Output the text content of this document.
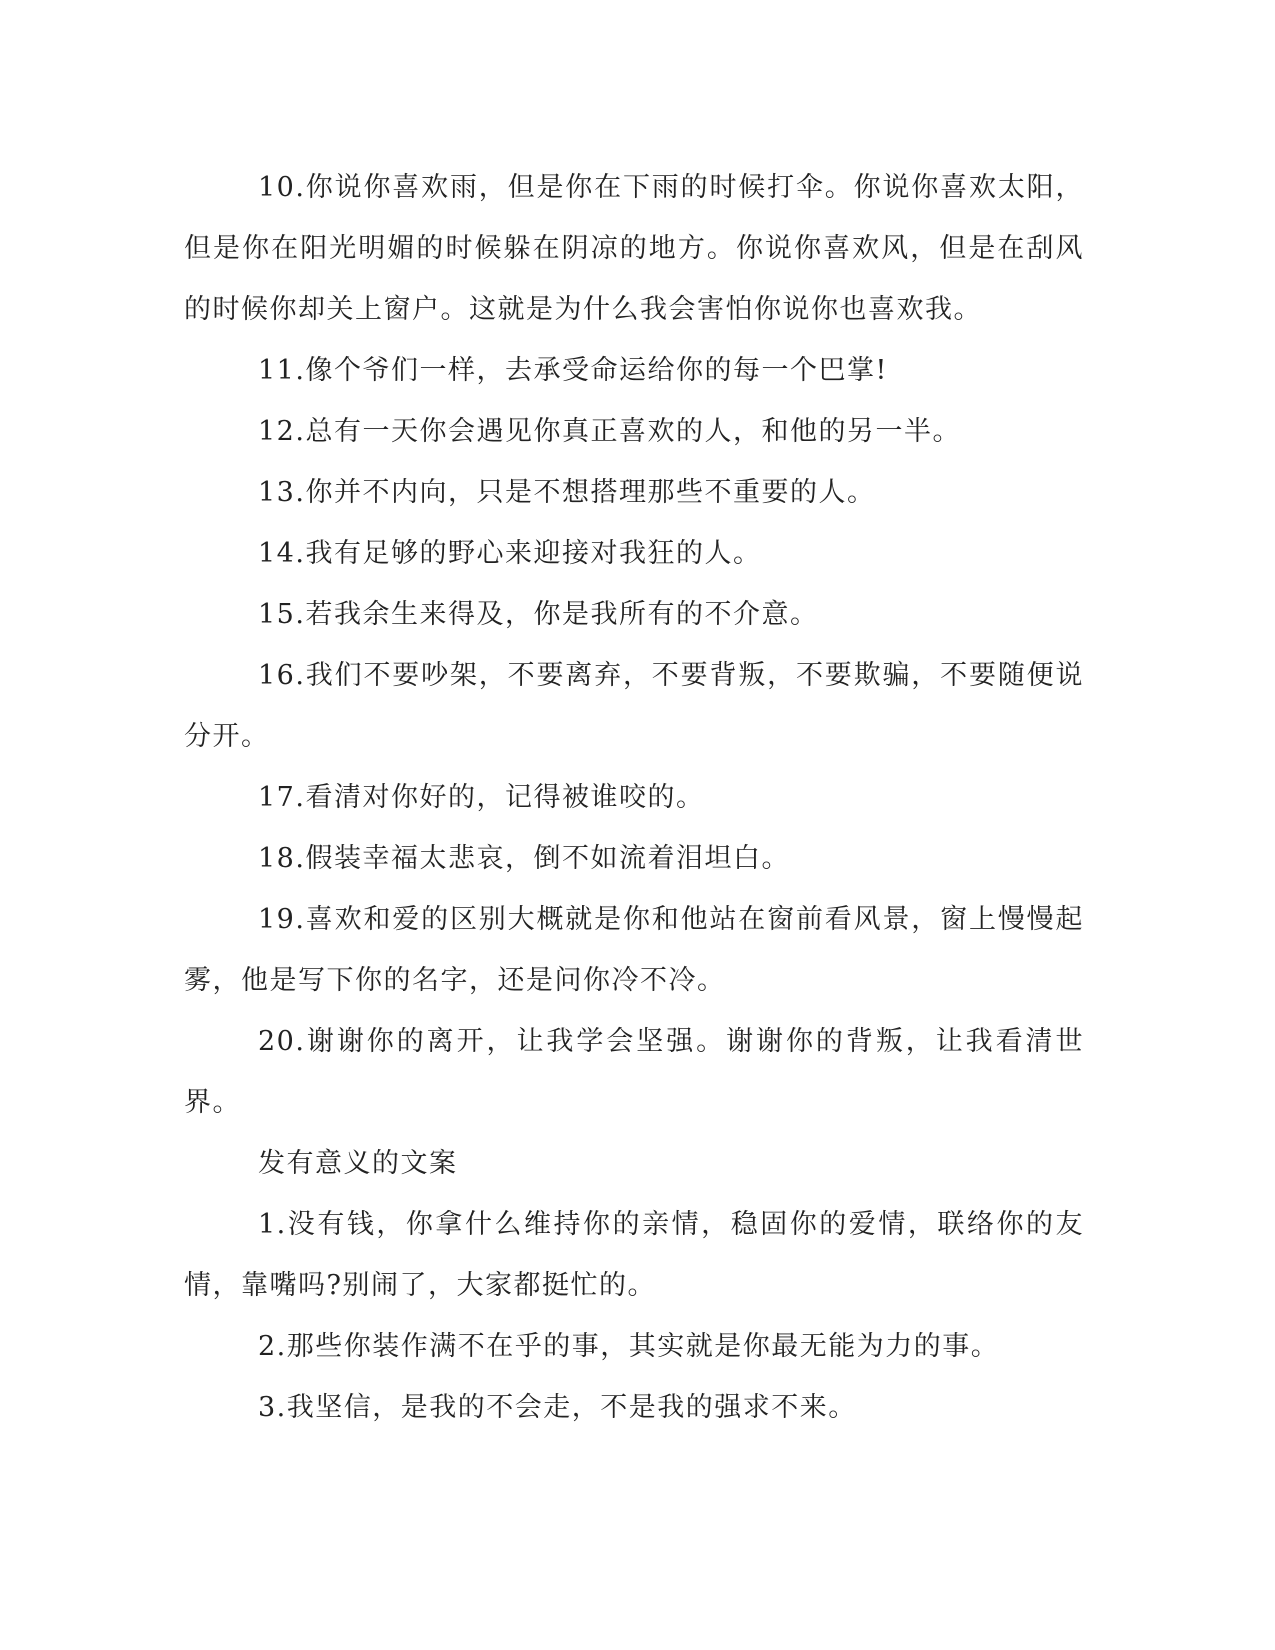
10.你说你喜欢雨，但是你在下雨的时候打伞。你说你喜欢太阳，但是你在阳光明媚的时候躲在阴凉的地方。你说你喜欢风，但是在刮风的时候你却关上窗户。这就是为什么我会害怕你说你也喜欢我。

11.像个爷们一样，去承受命运给你的每一个巴掌!

12.总有一天你会遇见你真正喜欢的人，和他的另一半。

13.你并不内向，只是不想搭理那些不重要的人。

14.我有足够的野心来迎接对我狂的人。

15.若我余生来得及，你是我所有的不介意。

16.我们不要吵架，不要离弃，不要背叛，不要欺骗，不要随便说分开。

17.看清对你好的，记得被谁咬的。

18.假装幸福太悲哀，倒不如流着泪坦白。

19.喜欢和爱的区别大概就是你和他站在窗前看风景，窗上慢慢起雾，他是写下你的名字，还是问你冷不冷。

20.谢谢你的离开，让我学会坚强。谢谢你的背叛，让我看清世界。

发有意义的文案

1.没有钱，你拿什么维持你的亲情，稳固你的爱情，联络你的友情，靠嘴吗?别闹了，大家都挺忙的。

2.那些你装作满不在乎的事，其实就是你最无能为力的事。

3.我坚信，是我的不会走，不是我的强求不来。
